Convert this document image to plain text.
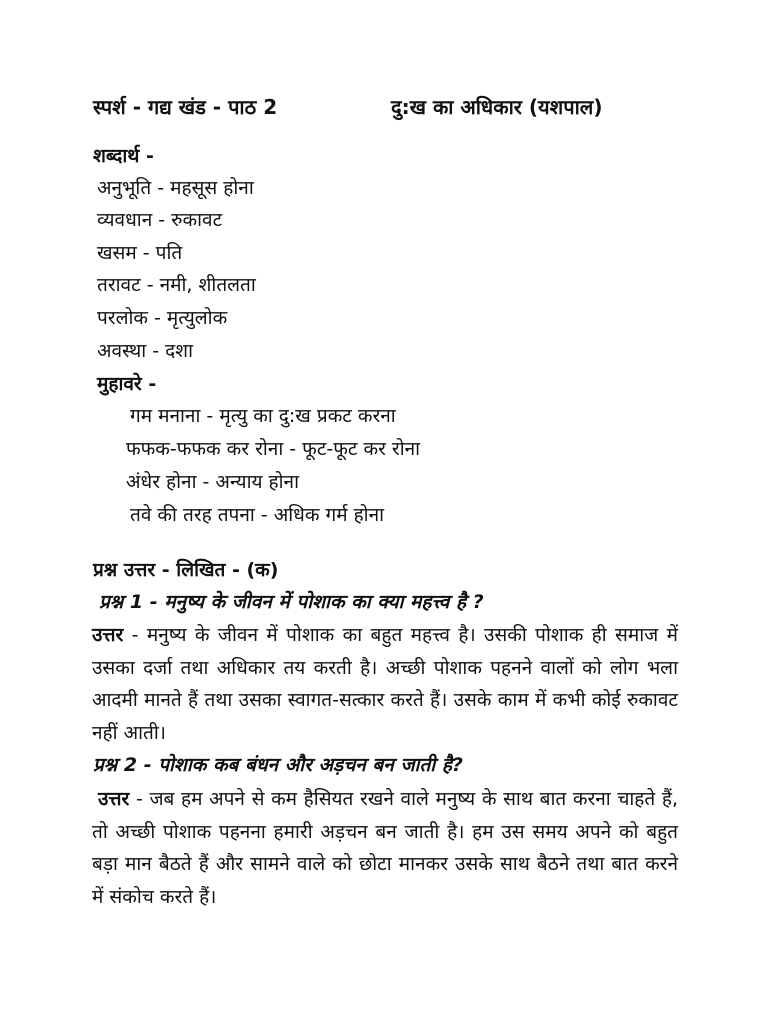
स्पर्श - गद्य खंड - पाठ 2	दु:ख का अधिकार (यशपाल)
शब्दार्थ -
अनुभूति - महसूस होना
व्यवधान - रुकावट
खसम - पति
तरावट - नमी, शीतलता
परलोक - मृत्युलोक
अवस्था - दशा
मुहावरे -
गम मनाना - मृत्यु का दु:ख प्रकट करना
फफक-फफक कर रोना - फूट-फूट कर रोना
अंधेर होना - अन्याय होना
तवे की तरह तपना - अधिक गर्म होना
प्रश्न उत्तर - लिखित - (क)
प्रश्न 1 - मनुष्य के जीवन में पोशाक का क्या महत्त्व है ?
उत्तर - मनुष्य के जीवन में पोशाक का बहुत महत्त्व है। उसकी पोशाक ही समाज में उसका दर्जा तथा अधिकार तय करती है। अच्छी पोशाक पहनने वालों को लोग भला आदमी मानते हैं तथा उसका स्वागत-सत्कार करते हैं। उसके काम में कभी कोई रुकावट नहीं आती।
प्रश्न 2 - पोशाक कब बंधन और अड़चन बन जाती है?
उत्तर - जब हम अपने से कम हैसियत रखने वाले मनुष्य के साथ बात करना चाहते हैं, तो अच्छी पोशाक पहनना हमारी अड़चन बन जाती है। हम उस समय अपने को बहुत बड़ा मान बैठते हैं और सामने वाले को छोटा मानकर उसके साथ बैठने तथा बात करने में संकोच करते हैं।
